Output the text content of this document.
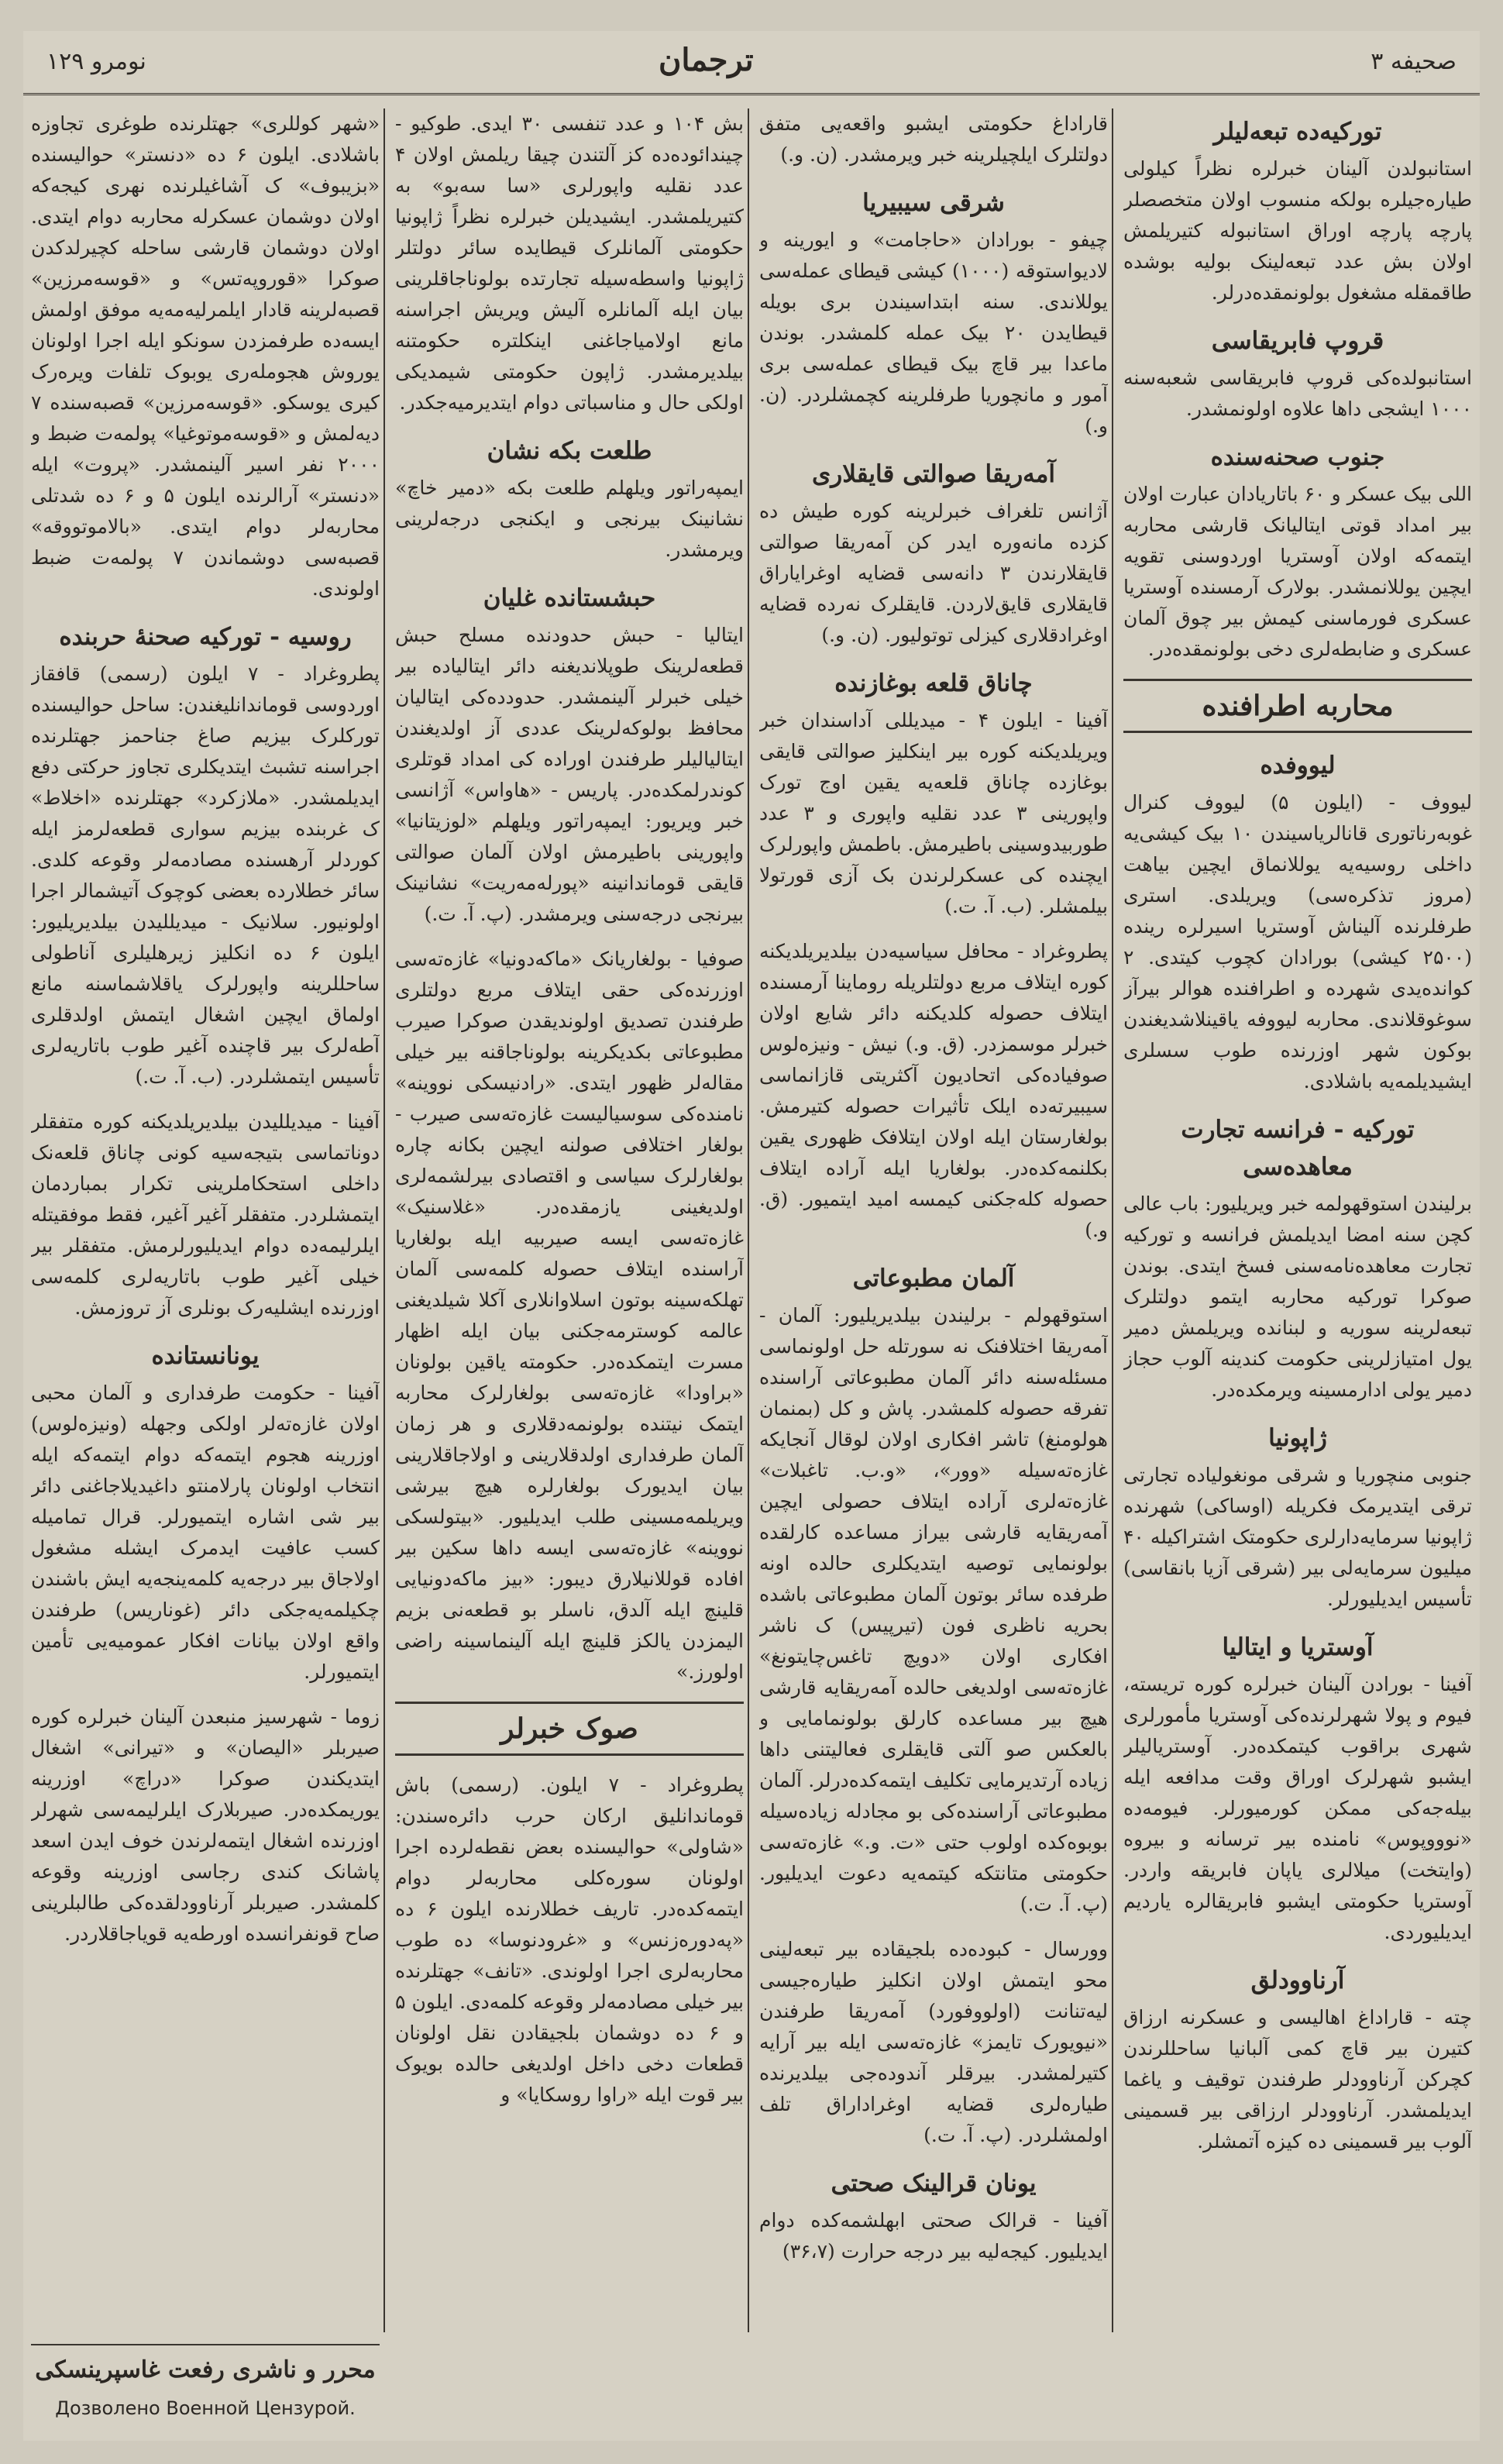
نومرو ۱۲۹	ترجمان	صحیفه ۳
تورکیه‌ده تبعه‌لیلر

استانبولدن آلینان خبرلره نظراً کیلولی طیاره‌جیلره بولکه منسوب اولان متخصصلر پارچه پارچه اوراق استانبوله کتیریلمش اولان بش عدد تبعه‌لینک بولیه بوشده طاقمقله مشغول بولونمقده‌درلر.

قروپ فابریقاسی

استانبولده‌کی قروپ فابریقاسی شعبه‌سنه ۱۰۰۰ ایشجی داها علاوه اولونمشدر.

جنوب صحنه‌سنده

اللی بیک عسکر و ۶۰ باتاریادان عبارت اولان بیر امداد قوتی ایتالیانک قارشی محاربه ایتمه‌که اولان آوستریا اوردوسنی تقویه ایچین یوللانمشدر. بولارک آرمسنده آوستریا عسکری فورماسنی کیمش بیر چوق آلمان عسکری و ضابطه‌لری دخی بولونمقده‌در.

محاربه اطرافنده
لیووفده

لیووف - (ایلون ۵) لیووف کنرال غوبه‌رناتوری قانالریاسیندن ۱۰ بیک کیشی‌یه داخلی روسیه‌یه یوللانماق ایچین بیاهت (مروز تذکره‌سی) ویریلدی. استری طرفلرنده آلیناش آوستریا اسیرلره رینده (۲۵۰۰ کیشی) بورادان کچوب کیتدی. ۲ کوانده‌یدی شهرده و اطرافنده هوالر بیرآز سوغوقلاندی. محاربه لیووفه یاقینلاشدیغندن بوکون شهر اوزرنده طوب سسلری ایشیدیلمه‌یه باشلادی.

تورکیه - فرانسه تجارت معاهده‌سی

برلیندن استوقهولمه خبر ویریلیور: باب عالی کچن سنه امضا ایدیلمش فرانسه و تورکیه تجارت معاهده‌نامه‌سنی فسخ ایتدی. بوندن صوکرا تورکیه محاربه ایتمو دولتلرک تبعه‌لرینه سوریه و لبنانده ویریلمش دمیر یول امتیازلرینی حکومت کندینه آلوب حجاز دمیر یولی ادارمسینه ویرمکده‌در.

ژاپونیا

جنوبی منچوریا و شرقی مونغولیاده تجارتی ترقی ایتدیرمک فکریله (اوساکی) شهرنده ژاپونیا سرمایه‌دارلری حکومتک اشتراکیله ۴۰ میلیون سرمایه‌لی بیر (شرقی آزیا بانقاسی) تأسیس ایدیلیورلر.

آوستریا و ایتالیا

آفینا - بورادن آلینان خبرلره کوره تریسته، فیوم و پولا شهرلرنده‌کی آوستریا مأمورلری شهری براقوب کیتمکده‌در. آوستریالیلر ایشبو شهرلرک اوراق وقت مدافعه ایله بیله‌جه‌کی ممکن کورمیورلر. فیومه‌ده «نوووپوس» نامنده بیر ترسانه و بیروه (وایتخت) میلالری یاپان فابریقه واردر. آوستریا حکومتی ایشبو فابریقالره یاردیم ایدیلیوردی.

آرناوودلق

چته - قاراداغ اهالیسی و عسکرنه ارزاق کتیرن بیر قاچ کمی آلبانیا ساحللرندن کچرکن آرناوودلر طرفندن توقیف و یاغما ایدیلمشدر. آرناوودلر ارزاقی بیر قسمینی آلوب بیر قسمینی ده کیزه آتمشلر.

قاراداغ حکومتی ایشبو واقعه‌یی متفق دولتلرک ایلچیلرینه خبر ویرمشدر. (ن. و.)

شرقی سیبیریا

چیفو - بورادان «حاجامت» و ایورینه و لادیواستوقه (۱۰۰۰) کیشی قیطای عمله‌سی یوللاندی. سنه ابتداسیندن بری بویله قیطایدن ۲۰ بیک عمله کلمشدر. بوندن ماعدا بیر قاچ بیک قیطای عمله‌سی بری آمور و مانچوریا طرفلرینه کچمشلردر. (ن. و.)

آمه‌ریقا صوالتی قایقلاری

آژانس تلغراف خبرلرینه کوره طیش ده کزده مانه‌وره ایدر کن آمه‌ریقا صوالتی قایقلارندن ۳ دانه‌سی قضایه اوغرایاراق قایقلاری قایق‌لاردن. قایقلرک نه‌رده قضایه اوغرادقلاری کیزلی توتولیور. (ن. و.)

چاناق قلعه بوغازنده

آفینا - ایلون ۴ - میدیللی آداسندان خبر ویریلدیکنه کوره بیر اینکلیز صوالتی قایقی بوغازده چاناق قلعه‌یه یقین اوج تورک واپورینی ۳ عدد نقلیه واپوری و ۳ عدد طوربیدوسینی باطیرمش. باطمش واپورلرک ایچنده کی عسکرلرندن بک آزی قورتولا بیلمشلر. (ب. آ. ت.)

پطروغراد - محافل سیاسیه‌دن بیلدیریلدیکنه کوره ایتلاف مربع دولتلریله روماینا آرمسنده ایتلاف حصوله کلدیکنه دائر شایع اولان خبرلر موسمزدر. (ق. و.) نیش - ونیزه‌لوس صوفیاده‌کی اتحادیون آکثریتی قازانماسی سیبیرته‌ده ایلک تأثیرات حصوله کتیرمش. بولغارستان ایله اولان ایتلافک ظهوری یقین بکلنمه‌کده‌در. بولغاریا ایله آراده ایتلاف حصوله کله‌جکنی کیمسه امید ایتمیور. (ق. و.)

آلمان مطبوعاتی

استوقهولم - برلیندن بیلدیریلیور: آلمان - آمه‌ریقا اختلافنک نه سورتله حل اولونماسی مسئله‌سنه دائر آلمان مطبوعاتی آراسنده تفرقه حصوله کلمشدر. پاش و کل (بمنمان هولومنغ) تاشر افکاری اولان لوقال آنجایکه غازه‌ته‌سیله «وور»، «و.ب. تاغبلات» غازه‌ته‌لری آراده ایتلاف حصولی ایچین آمه‌ریقایه قارشی بیراز مساعده کارلقده بولونمایی توصیه ایتدیکلری حالده اونه طرفده سائر بوتون آلمان مطبوعاتی باشده بحریه ناظری فون (تیرپیس) ک ناشر افکاری اولان «دویچ تاغس‌چایتونغ» غازه‌ته‌سی اولدیغی حالده آمه‌ریقایه قارشی هیچ بیر مساعده کارلق بولونمامایی و بالعکس صو آلتی قایقلری فعالیتنی داها زیاده آرتدیرمایی تکلیف ایتمه‌کده‌درلر. آلمان مطبوعاتی آراسنده‌کی بو مجادله زیاده‌سیله بوبوه‌کده اولوب حتی «ت. و.» غازه‌ته‌سی حکومتی متانتکه کیتمه‌یه دعوت ایدیلیور. (پ. آ. ت.)

وورسال - کبوده‌ده بلجیقاده بیر تبعه‌لینی محو ایتمش اولان انکلیز طیاره‌جیسی لیه‌تنانت (اولووفورد) آمه‌ریقا طرفندن «نیویورک تایمز» غازه‌ته‌سی ایله بیر آرایه کتیرلمشدر. بیرقلر آندوده‌جی بیلدیرنده طیاره‌لری قضایه اوغراداراق تلف اولمشلردر. (پ. آ. ت.)

یونان قرالینک صحتی

آفینا - قرالک صحتی ابهلشمه‌کده دوام ایدیلیور. کیجه‌لیه بیر درجه حرارت (۳۶،۷)

بش ۱۰۴ و عدد تنفسی ۳۰ ایدی. طوکیو - چیندائوده‌ده کز آلتندن چیقا ریلمش اولان ۴ عدد نقلیه واپورلری «سا سه‌بو» به کتیریلمشدر. ایشیدیلن خبرلره نظراً ژاپونیا حکومتی آلمانلرک قیطایده سائر دولتلر ژاپونیا واسطه‌سیله تجارتده بولوناجاقلرینی بیان ایله آلمانلره آلیش ویریش اجراسنه مانع اولامیاجاغنی اینکلتره حکومتنه بیلدیرمشدر. ژاپون حکومتی شیمدیکی اولکی حال و مناسباتی دوام ایتدیرمیه‌جکدر.

طلعت بکه نشان

ایمپه‌راتور ویلهلم طلعت بکه «دمیر خاچ» نشانینک بیرنجی و ایکنجی درجه‌لرینی ویرمشدر.

حبشستانده غلیان

ایتالیا - حبش حدودنده مسلح حبش قطعه‌لرینک طوپلاندیغنه دائر ایتالیاده بیر خیلی خبرلر آلینمشدر. حدودده‌کی ایتالیان محافظ بولوکه‌لرینک عددی آز اولدیغندن ایتالیالیلر طرفندن اوراده کی امداد قوتلری کوندرلمکده‌در. پاریس - «هاواس» آژانسی خبر ویریور: ایمپه‌راتور ویلهلم «لوزیتانیا» واپورینی باطیرمش اولان آلمان صوالتی قایقی قوماندانینه «پورله‌مه‌ریت» نشانینک بیرنجی درجه‌سنی ویرمشدر. (پ. آ. ت.)

صوفیا - بولغاریانک «ماکه‌دونیا» غازه‌ته‌سی اوزرنده‌کی حقی ایتلاف مربع دولتلری طرفندن تصدیق اولوندیقدن صوکرا صیرب مطبوعاتی بکدیکرینه بولوناجاقنه بیر خیلی مقاله‌لر ظهور ایتدی. «رادنیسکی نووینه» نامنده‌کی سوسیالیست غازه‌ته‌سی صیرب - بولغار اختلافی صولنه ایچین بکانه چاره بولغارلرک سیاسی و اقتصادی بیرلشمه‌لری اولدیغینی یازمقده‌در. «غلاسنیک» غازه‌ته‌سی ایسه صیربیه ایله بولغاریا آراسنده ایتلاف حصوله کلمه‌سی آلمان تهلکه‌سینه بوتون اسلاوانلاری آکلا شیلدیغنی عالمه کوسترمه‌جکنی بیان ایله اظهار مسرت ایتمکده‌در. حکومته یاقین بولونان «براودا» غازه‌ته‌سی بولغارلرک محاربه ایتمک نیتنده بولونمه‌دقلاری و هر زمان آلمان طرفداری اولدقلارینی و اولاجاقلارینی بیان ایدیورک بولغارلره هیچ بیرشی ویریلمه‌مسینی طلب ایدیلیور. «بیتولسکی نووینه» غازه‌ته‌سی ایسه داها سکین بیر افاده قوللانیلارق دیبور: «بیز ماکه‌دونیایی قلینچ ایله آلدق، ناسلر بو قطعه‌نی بزیم الیمزدن یالکز قلینچ ایله آلینماسینه راضی اولورز.»

صوک خبرلر

پطروغراد - ۷ ایلون. (رسمی) باش قوماندانلیق ارکان حرب دائره‌سندن: «شاولی» حوالیسنده بعض نقطه‌لرده اجرا اولونان سوره‌کلی محاربه‌لر دوام ایتمه‌کده‌در. تاریف خطلارنده ایلون ۶ ده «په‌دوره‌زنس» و «غرودنوسا» ده طوب محاربه‌لری اجرا اولوندی. «تانف» جهتلرنده بیر خیلی مصادمه‌لر وقوعه کلمه‌دی. ایلون ۵ و ۶ ده دوشمان بلجیقادن نقل اولونان قطعات دخی داخل اولدیغی حالده بویوک بیر قوت ایله «راوا روسکایا» و

«شهر کوللری» جهتلرنده طوغری تجاوزه باشلادی. ایلون ۶ ده «دنستر» حوالیسنده «بزیبوف» ک آشاغیلرنده نهری کیجه‌که اولان دوشمان عسکرله محاربه دوام ایتدی. اولان دوشمان قارشی ساحله کچیرلدکدن صوکرا «قوروپه‌تس» و «قوسه‌مرزین» قصبه‌لرینه قادار ایلمرلیه‌مه‌یه موفق اولمش ایسه‌ده طرفمزدن سونکو ایله اجرا اولونان یوروش هجومله‌ری یوبوک تلفات ویره‌رک کیری یوسکو. «قوسه‌مرزین» قصبه‌سنده ۷ دیه‌لمش و «قوسه‌موتوغیا» پولمه‌ت ضبط و ۲۰۰۰ نفر اسیر آلینمشدر. «پروت» ایله «دنستر» آرالرنده ایلون ۵ و ۶ ده شدتلی محاربه‌لر دوام ایتدی. «بالاموتووقه» قصبه‌سی دوشماندن ۷ پولمه‌ت ضبط اولوندی.

روسیه - تورکیه صحنهٔ حربنده

پطروغراد - ۷ ایلون (رسمی) قافقاز اوردوسی قوماندانلیغندن: ساحل حوالیسنده تورکلرک بیزیم صاغ جناحمز جهتلرنده اجراسنه تشبث ایتدیکلری تجاوز حرکتی دفع ایدیلمشدر. «ملازکرد» جهتلرنده «اخلاط» ک غربنده بیزیم سواری قطعه‌لرمز ایله کوردلر آرهسنده مصادمه‌لر وقوعه کلدی. سائر خطلارده بعضی کوچوک آتیشمالر اجرا اولونیور. سلانیک - میدیللیدن بیلدیریلیور: ایلون ۶ ده انکلیز زیرهلیلری آناطولی ساحللرینه واپورلرک یاقلاشماسنه مانع اولماق ایچین اشغال ایتمش اولدقلری آطه‌لرک بیر قاچنده آغیر طوب باتاریه‌لری تأسیس ایتمشلردر. (ب. آ. ت.)

آفینا - میدیللیدن بیلدیریلدیکنه کوره متفقلر دوناتماسی بتیجه‌سیه کونی چاناق قلعه‌نک داخلی استحکاملرینی تکرار بمباردمان ایتمشلردر. متفقلر آغیر آغیر، فقط موفقیتله ایلرلیمه‌ده دوام ایدیلیورلرمش. متفقلر بیر خیلی آغیر طوب باتاریه‌لری کلمه‌سی اوزرنده ایشلیه‌رک بونلری آز تروزمش.

یونانستانده

آفینا - حکومت طرفداری و آلمان محبی اولان غازه‌ته‌لر اولکی وجهله (ونیزه‌لوس) اوزرینه هجوم ایتمه‌که دوام ایتمه‌که ایله انتخاب اولونان پارلامنتو داغیدیلاجاغنی دائر بیر شی اشاره ایتمیورلر. قرال تمامیله کسب عافیت ایدمرک ایشله مشغول اولاجاق بیر درجه‌یه کلمه‌ینجه‌یه ایش باشندن چکیلمه‌یه‌جکی دائر (غوناریس) طرفندن واقع اولان بیانات افکار عمومیه‌یی تأمین ایتمیورلر.

زوما - شهرسیز منبعدن آلینان خبرلره کوره صیربلر «الیصان» و «تیرانی» اشغال ایتدیکندن صوکرا «دراچ» اوزرینه یوریمکده‌در. صیربلارک ایلرلیمه‌سی شهرلر اوزرنده اشغال ایتمه‌لرندن خوف ایدن اسعد پاشانک کندی رجاسی اوزرینه وقوعه کلمشدر. صیربلر آرناوودلقده‌کی طالبلرینی صاح قونفرانسده اورطه‌یه قویاجاقلاردر.

محرر و ناشری رفعت غاسپرینسکی
Дозволено Военной Цензурой.
